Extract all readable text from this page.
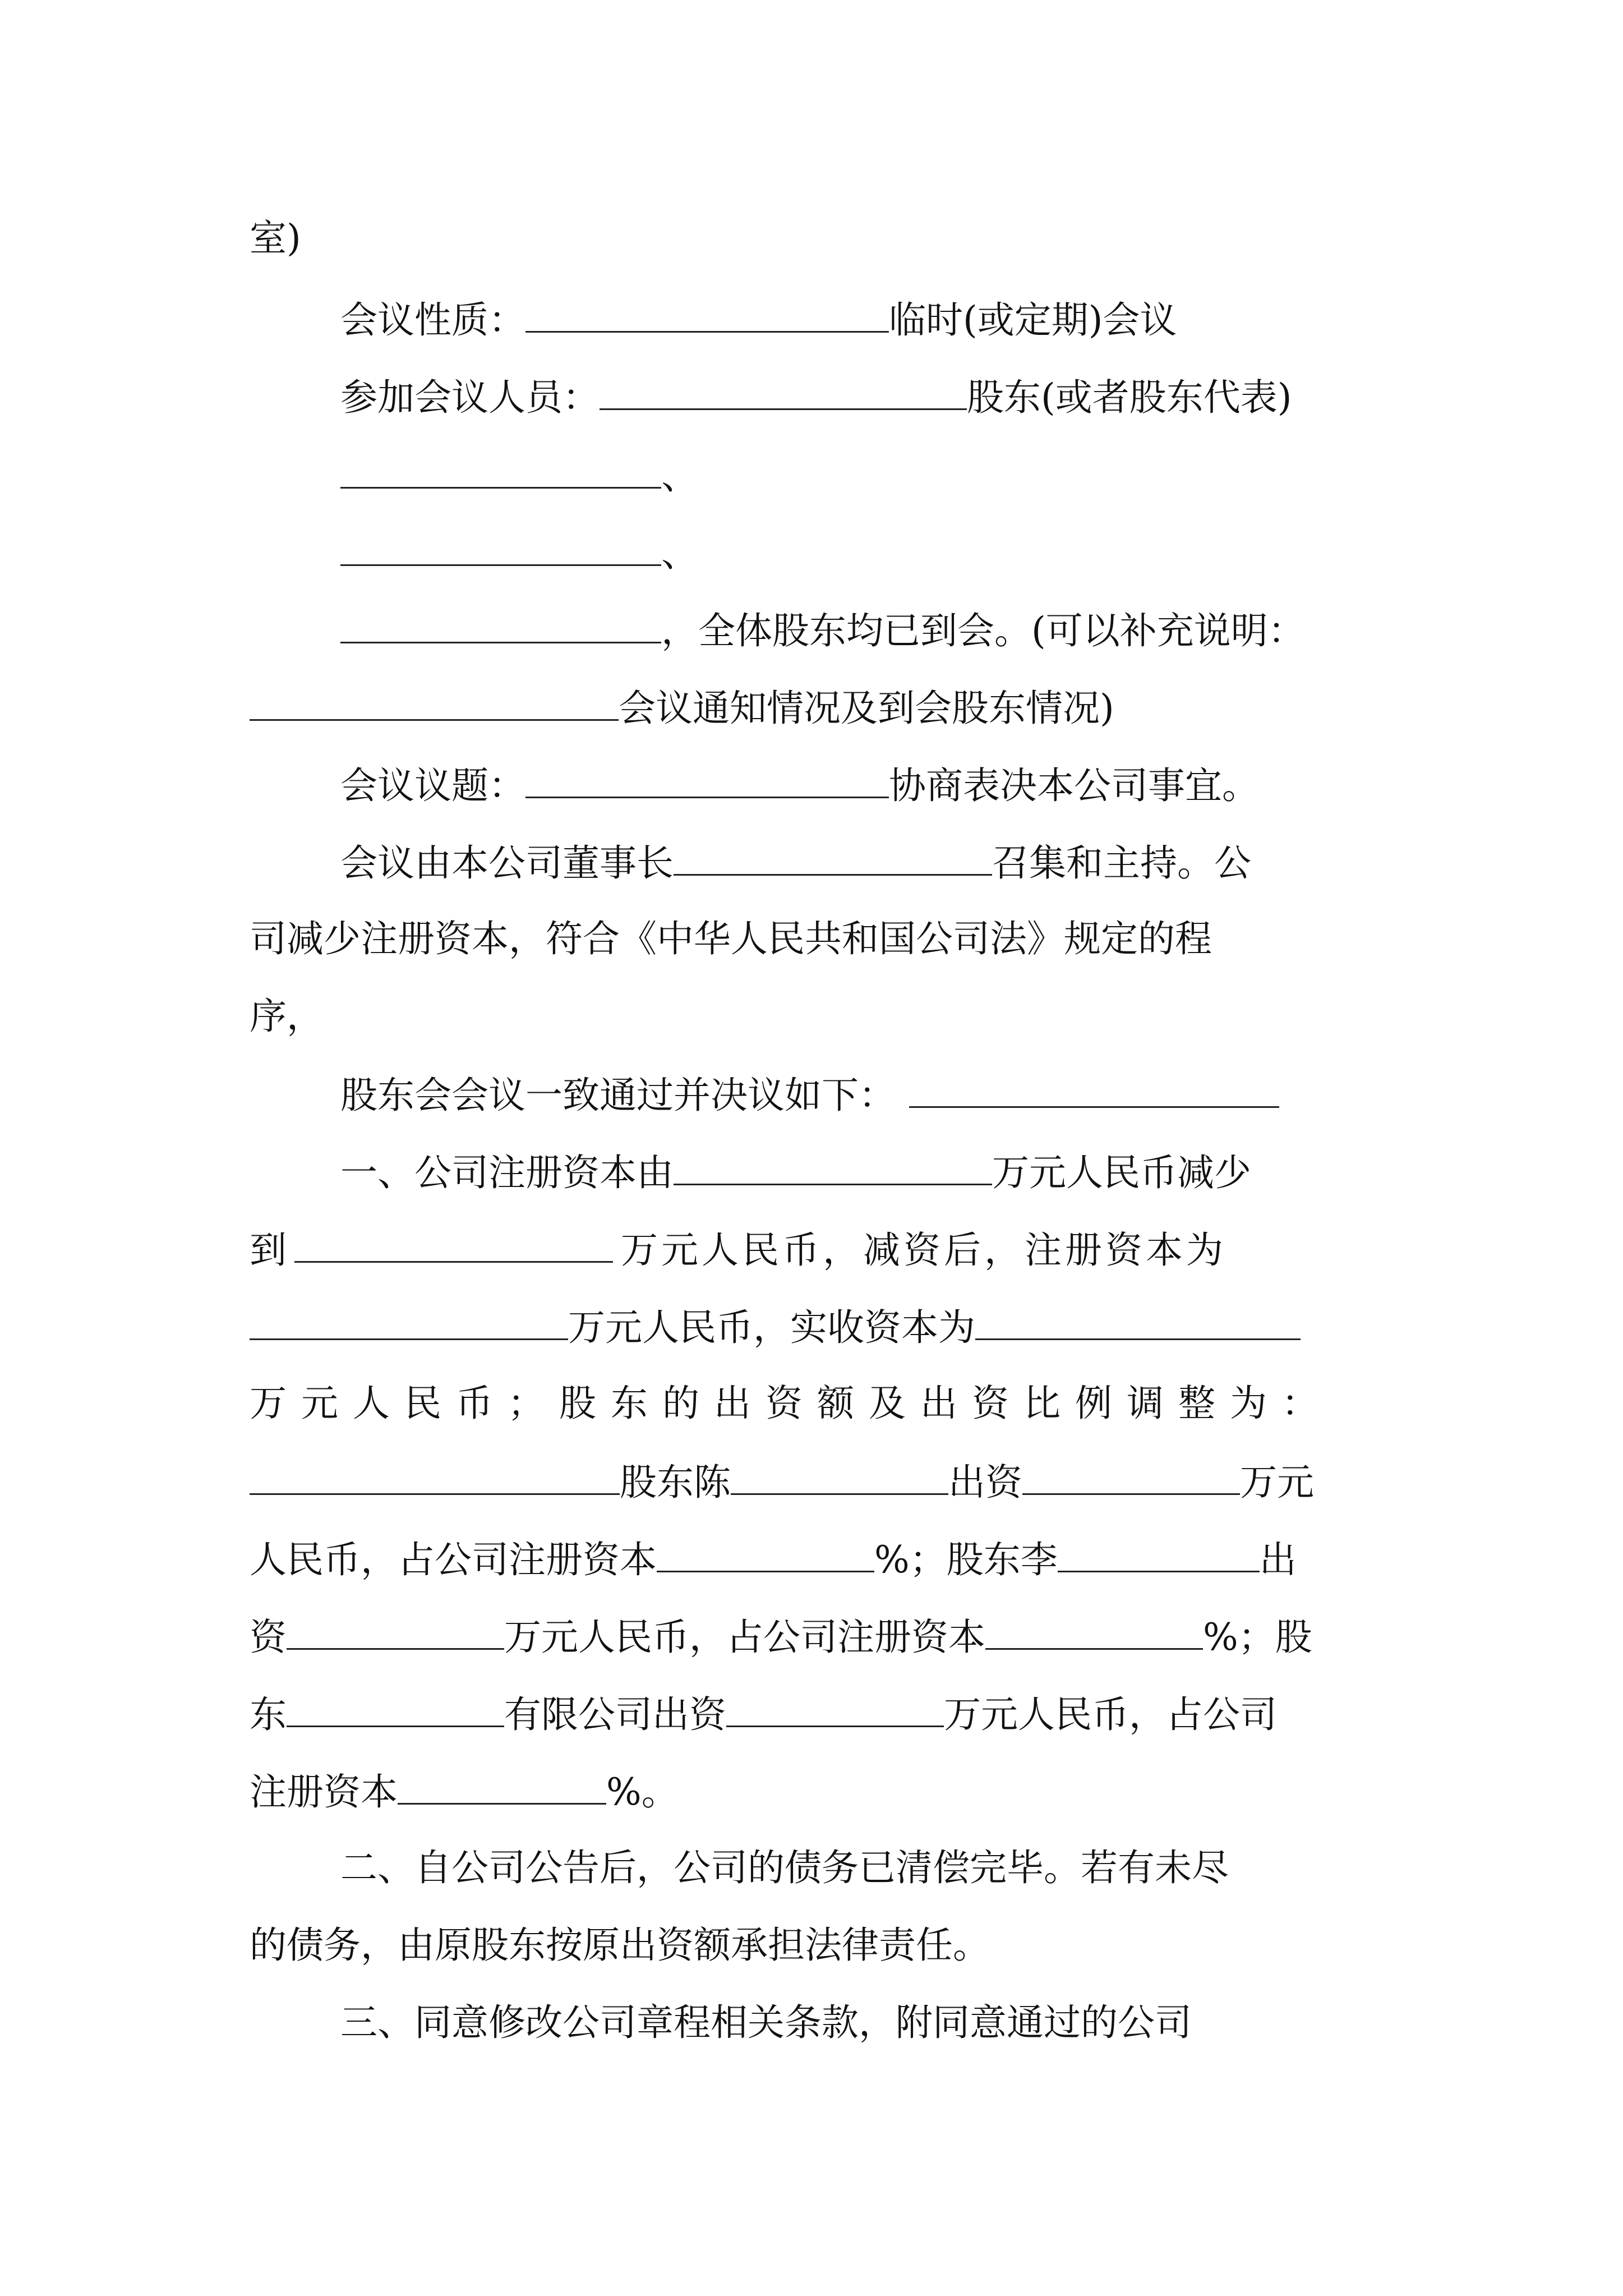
室)
会议性质：	临时(或定期)会议
参加会议人员：	股东(或者股东代表)
、
、
，全体股东均已到会。(可以补充说明：
会议通知情况及到会股东情况)
会议议题：	协商表决本公司事宜。
会议由本公司董事长	召集和主持。公
司减少注册资本，符合《中华人民共和国公司法》规定的程
序，
股东会会议一致通过并决议如下：
一、公司注册资本由	万元人民币减少
到	万元人民币，减资后，注册资本为
万元人民币，实收资本为
万元人民币；股东的出资额及出资比例调整为：
股东陈	出资	万元
人民币，占公司注册资本	%；股东李	出
资	万元人民币，占公司注册资本	%；股
东	有限公司出资	万元人民币，占公司
注册资本	%。
二、自公司公告后，公司的债务已清偿完毕。若有未尽
的债务，由原股东按原出资额承担法律责任。
三、同意修改公司章程相关条款，附同意通过的公司
